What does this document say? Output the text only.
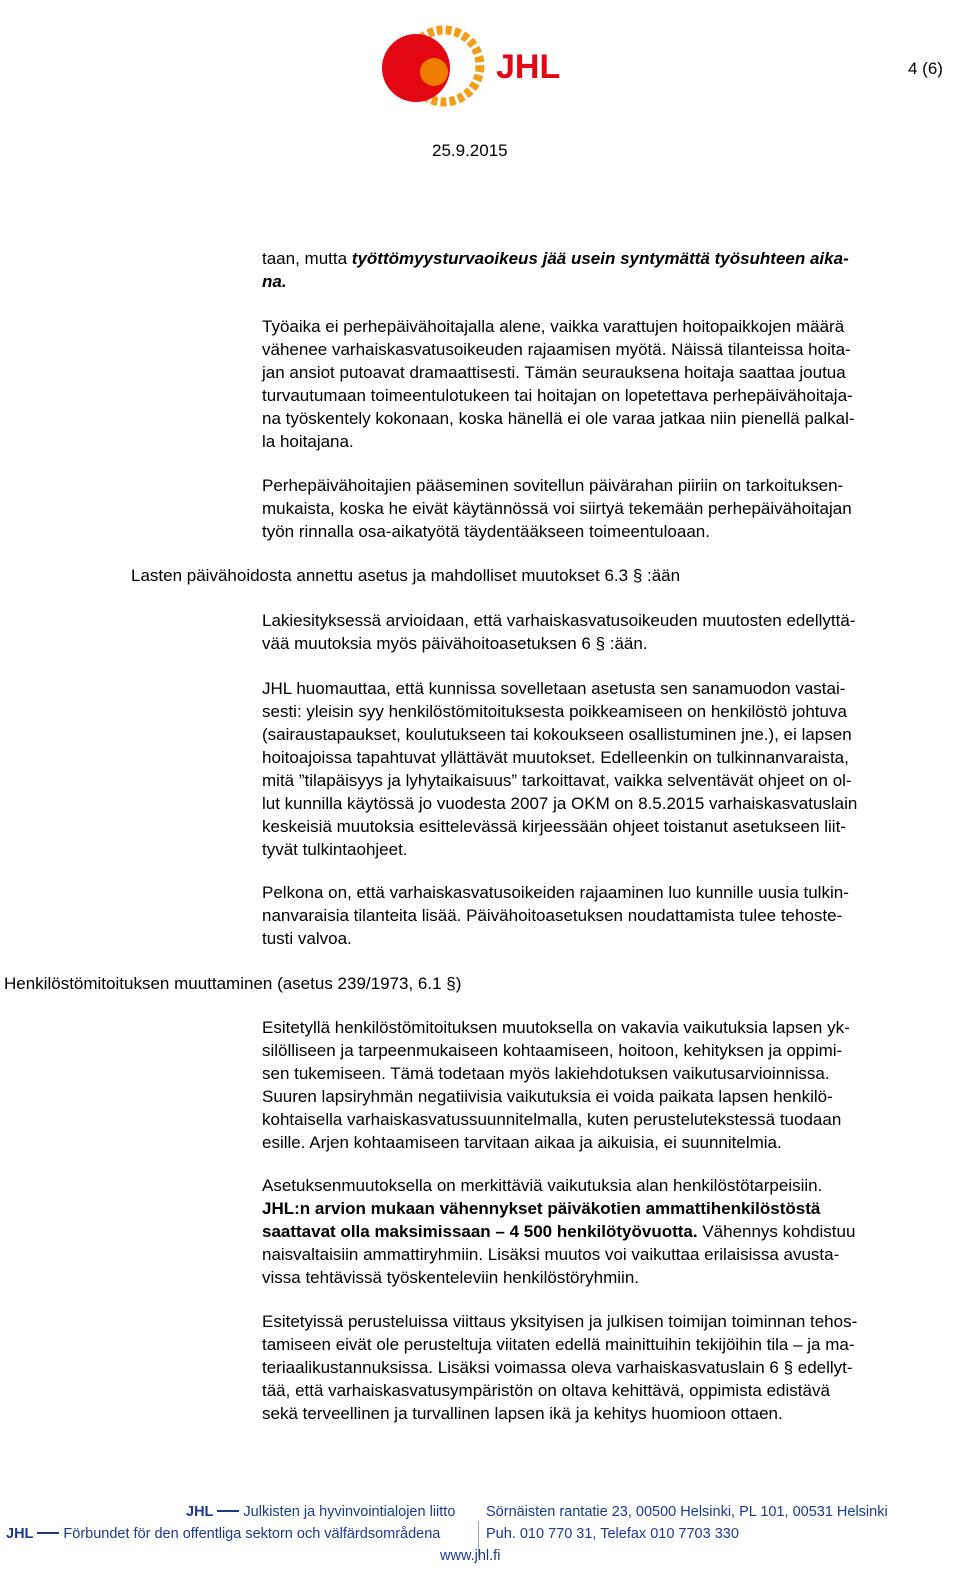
JHL	4 (6)
25.9.2015

taan, mutta työttömyysturvaoikeus jää usein syntymättä työsuhteen aika-
na.

Työaika ei perhepäivähoitajalla alene, vaikka varattujen hoitopaikkojen määrä
vähenee varhaiskasvatusoikeuden rajaamisen myötä. Näissä tilanteissa hoita-
jan ansiot putoavat dramaattisesti. Tämän seurauksena hoitaja saattaa joutua
turvautumaan toimeentulotukeen tai hoitajan on lopetettava perhepäivähoitaja-
na työskentely kokonaan, koska hänellä ei ole varaa jatkaa niin pienellä palkal-
la hoitajana.

Perhepäivähoitajien pääseminen sovitellun päivärahan piiriin on tarkoituksen-
mukaista, koska he eivät käytännössä voi siirtyä tekemään perhepäivähoitajan
työn rinnalla osa-aikatyötä täydentääkseen toimeentuloaan.

Lasten päivähoidosta annettu asetus ja mahdolliset muutokset 6.3 § :ään

Lakiesityksessä arvioidaan, että varhaiskasvatusoikeuden muutosten edellyttä-
vää muutoksia myös päivähoitoasetuksen 6 § :ään.

JHL huomauttaa, että kunnissa sovelletaan asetusta sen sanamuodon vastai-
sesti: yleisin syy henkilöstömitoituksesta poikkeamiseen on henkilöstö johtuva
(sairaustapaukset, koulutukseen tai kokoukseen osallistuminen jne.), ei lapsen
hoitoajoissa tapahtuvat yllättävät muutokset. Edelleenkin on tulkinnanvaraista,
mitä ”tilapäisyys ja lyhytaikaisuus” tarkoittavat, vaikka selventävät ohjeet on ol-
lut kunnilla käytössä jo vuodesta 2007 ja OKM on 8.5.2015 varhaiskasvatuslain
keskeisiä muutoksia esittelevässä kirjeessään ohjeet toistanut asetukseen liit-
tyvät tulkintaohjeet.

Pelkona on, että varhaiskasvatusoikeiden rajaaminen luo kunnille uusia tulkin-
nanvaraisia tilanteita lisää. Päivähoitoasetuksen noudattamista tulee tehoste-
tusti valvoa.

Henkilöstömitoituksen muuttaminen (asetus 239/1973, 6.1 §)

Esitetyllä henkilöstömitoituksen muutoksella on vakavia vaikutuksia lapsen yk-
silölliseen ja tarpeenmukaiseen kohtaamiseen, hoitoon, kehityksen ja oppimi-
sen tukemiseen. Tämä todetaan myös lakiehdotuksen vaikutusarvioinnissa.
Suuren lapsiryhmän negatiivisia vaikutuksia ei voida paikata lapsen henkilö-
kohtaisella varhaiskasvatussuunnitelmalla, kuten perustelutekstessä tuodaan
esille. Arjen kohtaamiseen tarvitaan aikaa ja aikuisia, ei suunnitelmia.

Asetuksenmuutoksella on merkittäviä vaikutuksia alan henkilöstötarpeisiin.
JHL:n arvion mukaan vähennykset päiväkotien ammattihenkilöstöstä
saattavat olla maksimissaan – 4 500 henkilötyövuotta. Vähennys kohdistuu
naisvaltaisiin ammattiryhmiin. Lisäksi muutos voi vaikuttaa erilaisissa avusta-
vissa tehtävissä työskenteleviin henkilöstöryhmiin.

Esitetyissä perusteluissa viittaus yksityisen ja julkisen toimijan toiminnan tehos-
tamiseen eivät ole perusteltuja viitaten edellä mainittuihin tekijöihin tila – ja ma-
teriaalikustannuksissa. Lisäksi voimassa oleva varhaiskasvatuslain 6 § edellyt-
tää, että varhaiskasvatusympäristön on oltava kehittävä, oppimista edistävä
sekä terveellinen ja turvallinen lapsen ikä ja kehitys huomioon ottaen.

JHL Julkisten ja hyvinvointialojen liitto
JHL Förbundet för den offentliga sektorn och välfärdsområdena
Sörnäisten rantatie 23, 00500 Helsinki, PL 101, 00531 Helsinki
Puh. 010 770 31, Telefax 010 7703 330
www.jhl.fi
